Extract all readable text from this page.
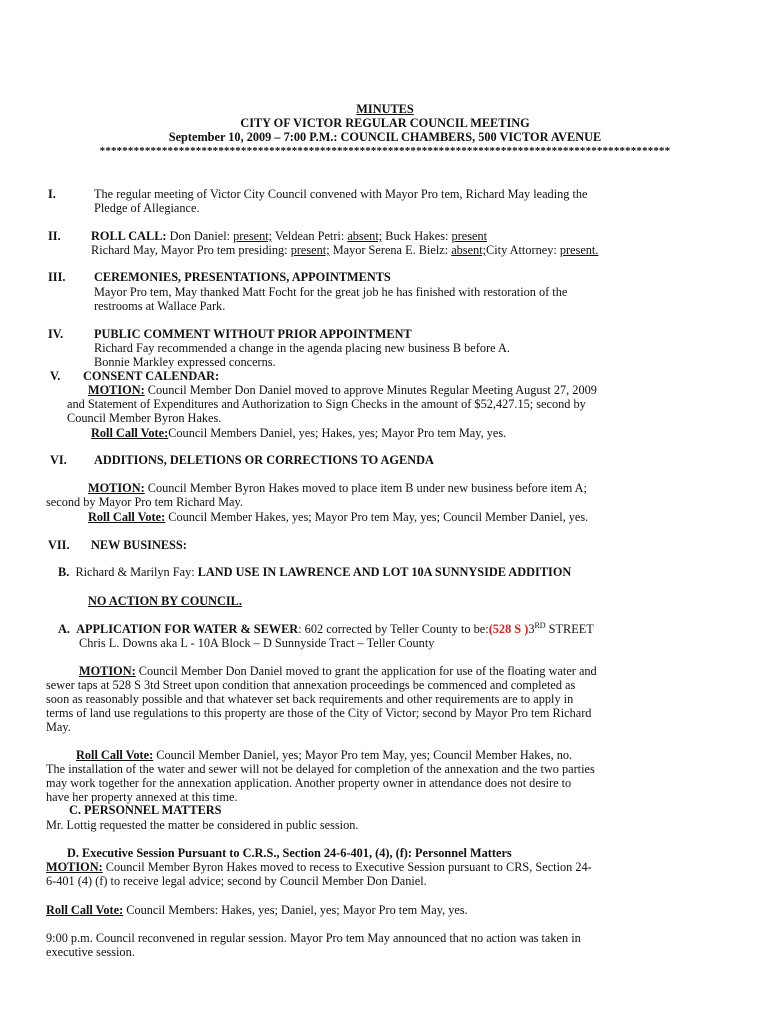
MINUTES
CITY OF VICTOR REGULAR COUNCIL MEETING
September 10, 2009 – 7:00 P.M.: COUNCIL CHAMBERS, 500 VICTOR AVENUE
*****************************************************************************************************
I.	The regular meeting of Victor City Council convened with Mayor Pro tem, Richard May leading the
Pledge of Allegiance.
II. ROLL CALL: Don Daniel: present; Veldean Petri: absent; Buck Hakes: present
Richard May, Mayor Pro tem presiding: present; Mayor Serena E. Bielz: absent;City Attorney: present.
III. CEREMONIES, PRESENTATIONS, APPOINTMENTS
Mayor Pro tem, May thanked Matt Focht for the great job he has finished with restoration of the
restrooms at Wallace Park.
IV.	PUBLIC COMMENT WITHOUT PRIOR APPOINTMENT
Richard Fay recommended a change in the agenda placing new business B before A.
Bonnie Markley expressed concerns.
V. CONSENT CALENDAR:
MOTION: Council Member Don Daniel moved to approve Minutes Regular Meeting August 27, 2009
and Statement of Expenditures and Authorization to Sign Checks in the amount of $52,427.15; second by
Council Member Byron Hakes.
Roll Call Vote:Council Members Daniel, yes; Hakes, yes; Mayor Pro tem May, yes.
VI. ADDITIONS, DELETIONS OR CORRECTIONS TO AGENDA
MOTION: Council Member Byron Hakes moved to place item B under new business before item A;
second by Mayor Pro tem Richard May.
Roll Call Vote: Council Member Hakes, yes; Mayor Pro tem May, yes; Council Member Daniel, yes.
VII. NEW BUSINESS:
B. Richard & Marilyn Fay: LAND USE IN LAWRENCE AND LOT 10A SUNNYSIDE ADDITION
NO ACTION BY COUNCIL.
A. APPLICATION FOR WATER & SEWER: 602 corrected by Teller County to be:(528 S )3RD STREET
Chris L. Downs aka L - 10A Block – D Sunnyside Tract – Teller County
MOTION: Council Member Don Daniel moved to grant the application for use of the floating water and
sewer taps at 528 S 3td Street upon condition that annexation proceedings be commenced and completed as
soon as reasonably possible and that whatever set back requirements and other requirements are to apply in
terms of land use regulations to this property are those of the City of Victor; second by Mayor Pro tem Richard
May.
Roll Call Vote: Council Member Daniel, yes; Mayor Pro tem May, yes; Council Member Hakes, no.
The installation of the water and sewer will not be delayed for completion of the annexation and the two parties
may work together for the annexation application. Another property owner in attendance does not desire to
have her property annexed at this time.
C. PERSONNEL MATTERS
Mr. Lottig requested the matter be considered in public session.
D. Executive Session Pursuant to C.R.S., Section 24-6-401, (4), (f): Personnel Matters
MOTION: Council Member Byron Hakes moved to recess to Executive Session pursuant to CRS, Section 24-
6-401 (4) (f) to receive legal advice; second by Council Member Don Daniel.
Roll Call Vote: Council Members: Hakes, yes; Daniel, yes; Mayor Pro tem May, yes.
9:00 p.m. Council reconvened in regular session. Mayor Pro tem May announced that no action was taken in
executive session.
